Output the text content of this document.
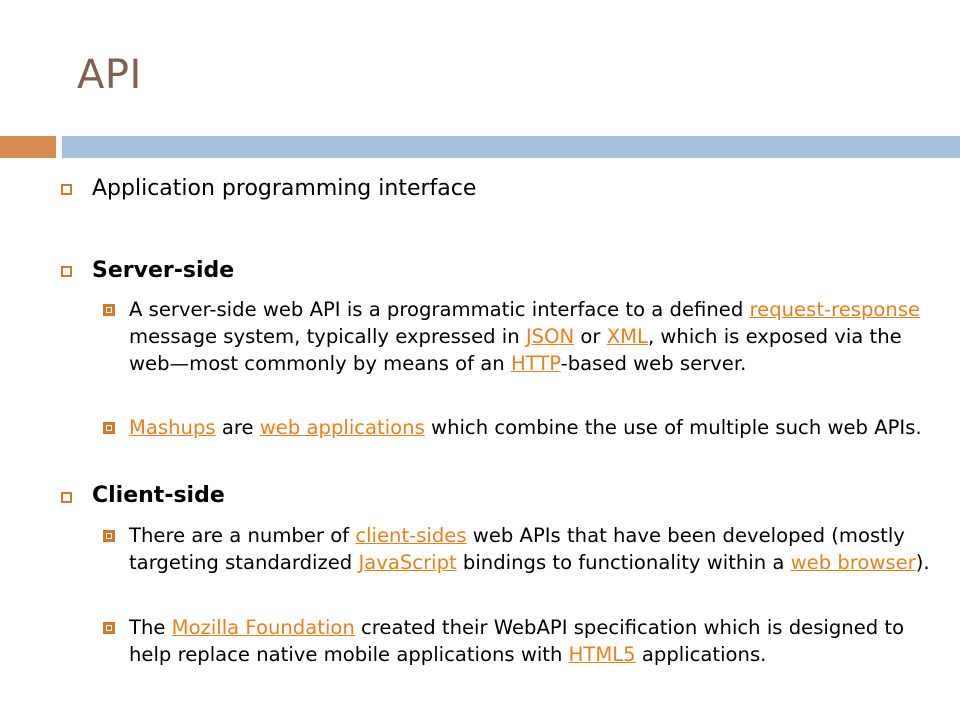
API
Application programming interface
Server-side
A server-side web API is a programmatic interface to a defined request-response message system, typically expressed in JSON or XML, which is exposed via the web—most commonly by means of an HTTP-based web server.
Mashups are web applications which combine the use of multiple such web APIs.
Client-side
There are a number of client-sides web APIs that have been developed (mostly targeting standardized JavaScript bindings to functionality within a web browser).
The Mozilla Foundation created their WebAPI specification which is designed to help replace native mobile applications with HTML5 applications.
